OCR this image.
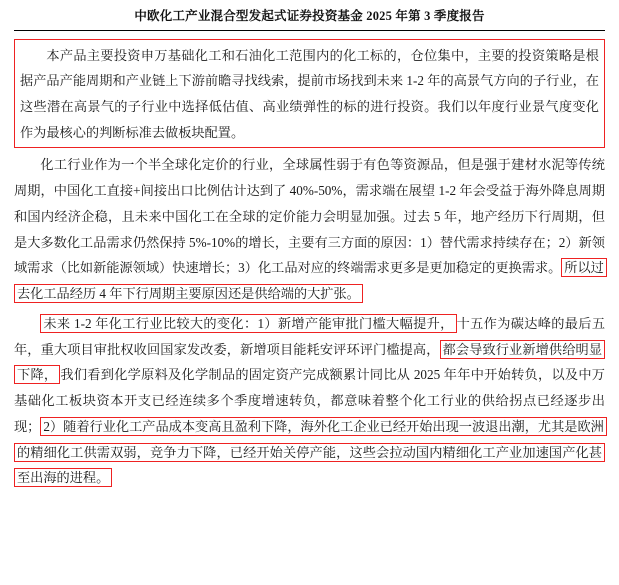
中欧化工产业混合型发起式证券投资基金 2025 年第 3 季度报告

本产品主要投资申万基础化工和石油化工范围内的化工标的，仓位集中，主要的投资策略是根据产品产能周期和产业链上下游前瞻寻找线索，提前市场找到未来 1-2 年的高景气方向的子行业，在这些潜在高景气的子行业中选择低估值、高业绩弹性的标的进行投资。我们以年度行业景气度变化作为最核心的判断标准去做板块配置。

化工行业作为一个半全球化定价的行业，全球属性弱于有色等资源品，但是强于建材水泥等传统周期，中国化工直接+间接出口比例估计达到了 40%-50%，需求端在展望 1-2 年会受益于海外降息周期和国内经济企稳，且未来中国化工在全球的定价能力会明显加强。过去 5 年，地产经历下行周期，但是大多数化工品需求仍然保持 5%-10%的增长，主要有三方面的原因：1）替代需求持续存在；2）新领域需求（比如新能源领域）快速增长；3）化工品对应的终端需求更多是更加稳定的更换需求。 所以过去化工品经历 4 年下行周期主要原因还是供给端的大扩张。

未来 1-2 年化工行业比较大的变化：1）新增产能审批门槛大幅提升， 十五作为碳达峰的最后五年，重大项目审批权收回国家发改委，新增项目能耗安评环评门槛提高， 都会导致行业新增供给明显下降， 我们看到化学原料及化学制品的固定资产完成额累计同比从 2025 年年中开始转负，以及中万基础化工板块资本开支已经连续多个季度增速转负，都意味着整个化工行业的供给拐点已经逐步出现； 2）随着行业化工产品成本变高且盈利下降，海外化工企业已经开始出现一波退出潮，尤其是欧洲的精细化工供需双弱，竞争力下降，已经开始关停产能，这些会拉动国内精细化工产业加速国产化甚至出海的进程。
